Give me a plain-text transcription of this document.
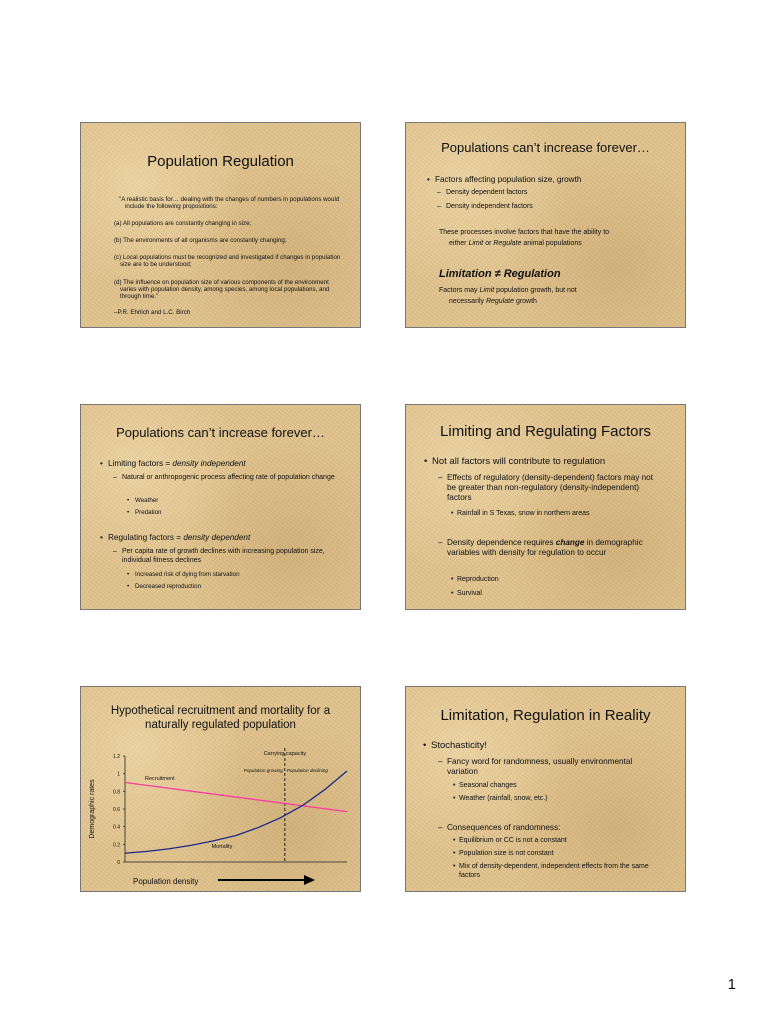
Population Regulation

"A realistic basis for… dealing with the changes of numbers in populations would include the following propositions:

(a) All populations are constantly changing in size;

(b) The environments of all organisms are constantly changing;

(c) Local populations must be recognized and investigated if changes in population size are to be understood;

(d) The influence on population size of various components of the environment varies with population density, among species, among local populations, and through time."

–P.R. Ehrlich and L.C. Birch

Populations can’t increase forever…

• Factors affecting population size, growth

– Density dependent factors

– Density independent factors

These processes involve factors that have the ability to

either Limit or Regulate animal populations

Limitation ≠ Regulation

Factors may Limit population growth, but not

necessarily Regulate growth

Populations can’t increase forever…

• Limiting factors = density independent

– Natural or anthropogenic process affecting rate of population change

• Weather

• Predation

• Regulating factors = density dependent

– Per capita rate of growth declines with increasing population size, individual fitness declines

• Increased risk of dying from starvation

• Decreased reproduction

Limiting and Regulating Factors

• Not all factors will contribute to regulation

– Effects of regulatory (density-dependent) factors may not be greater than non-regulatory (density-independent) factors

• Rainfall in S Texas, snow in northern areas

– Density dependence requires change in demographic variables with density for regulation to occur

• Reproduction

• Survival

Hypothetical recruitment and mortality for a naturally regulated population
0
0.2
0.4
0.6
0.8
1
1.2
Demographic rates
Carrying capacity
Population growing Population declining
Recruitment
Mortality
Population density
Limitation, Regulation in Reality

• Stochasticity!

– Fancy word for randomness, usually environmental variation

• Seasonal changes

• Weather (rainfall, snow, etc.)

– Consequences of randomness:

• Equilibrium or CC is not a constant

• Population size is not constant

• Mix of density-dependent, independent effects from the same factors

1
